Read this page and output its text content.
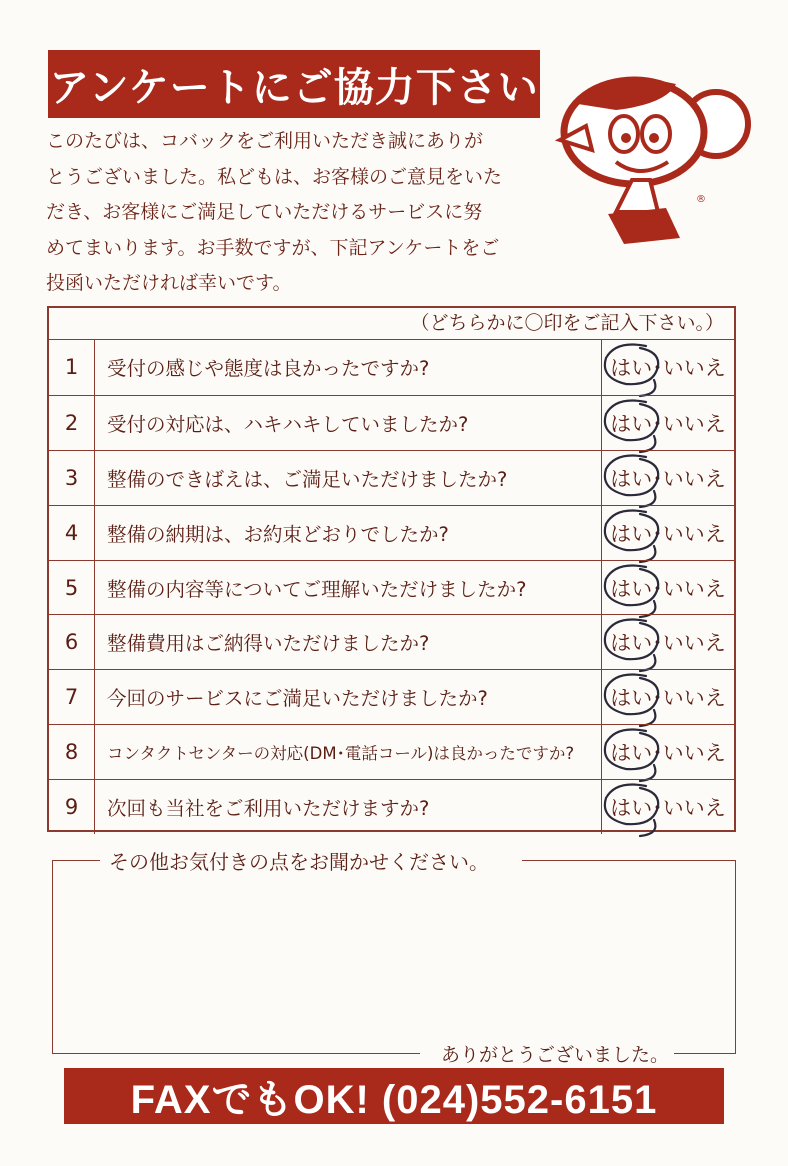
アンケートにご協力下さい
®
このたびは、コバックをご利用いただき誠にありが
とうございました。私どもは、お客様のご意見をいた
だき、お客様にご満足していただけるサービスに努
めてまいります。お手数ですが、下記アンケートをご
投函いただければ幸いです。
（どちらかに〇印をご記入下さい。）
1	受付の感じや態度は良かったですか?	はい ･ いいえ
2	受付の対応は、ハキハキしていましたか?	はい ･ いいえ
3	整備のできばえは、ご満足いただけましたか?	はい ･ いいえ
4	整備の納期は、お約束どおりでしたか?	はい ･ いいえ
5	整備の内容等についてご理解いただけましたか?	はい ･ いいえ
6	整備費用はご納得いただけましたか?	はい ･ いいえ
7	今回のサービスにご満足いただけましたか?	はい ･ いいえ
8	コンタクトセンターの対応(DM･電話コール)は良かったですか?	はい ･ いいえ
9	次回も当社をご利用いただけますか?	はい ･ いいえ
その他お気付きの点をお聞かせください。
ありがとうございました。
FAXでもOK! (024)552-6151
